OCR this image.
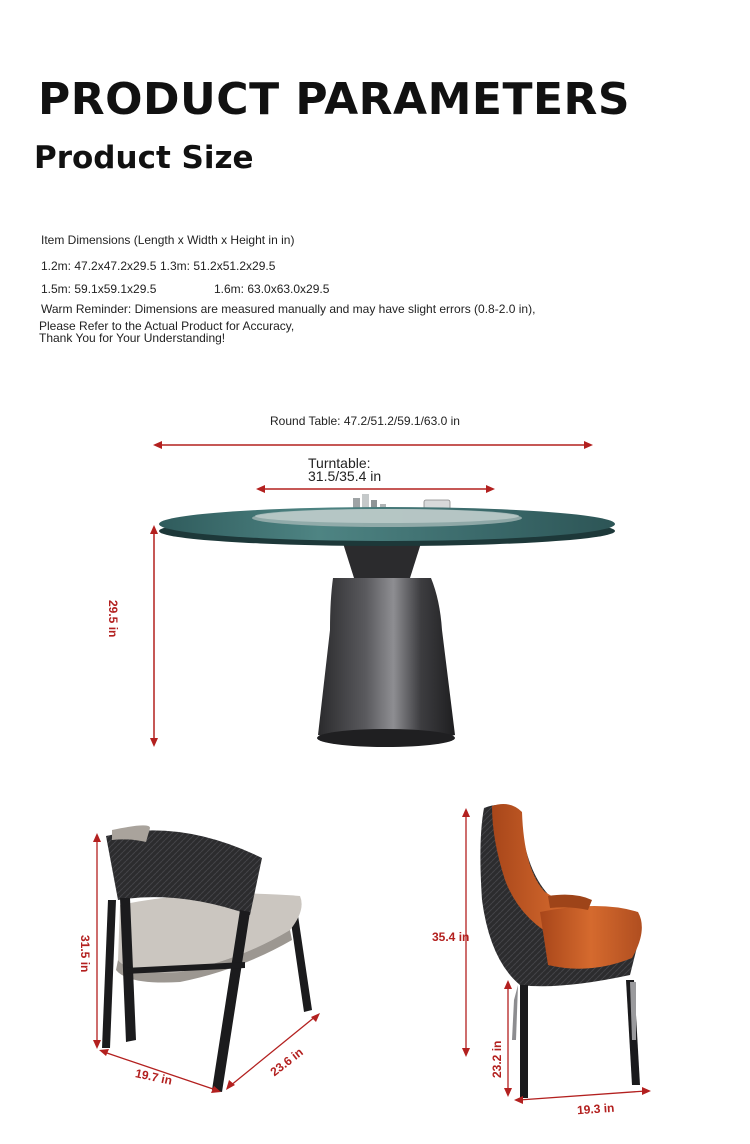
PRODUCT PARAMETERS
Product Size
Item Dimensions (Length x Width x Height in in)
1.2m: 47.2x47.2x29.5 1.3m: 51.2x51.2x29.5
1.5m: 59.1x59.1x29.5	1.6m: 63.0x63.0x29.5
Warm Reminder: Dimensions are measured manually and may have slight errors (0.8-2.0 in),
Please Refer to the Actual Product for Accuracy,
Thank You for Your Understanding!
Round Table: 47.2/51.2/59.1/63.0 in
Turntable:
31.5/35.4 in
29.5 in
31.5 in
19.7 in	23.6 in
35.4 in
23.2 in
19.3 in
